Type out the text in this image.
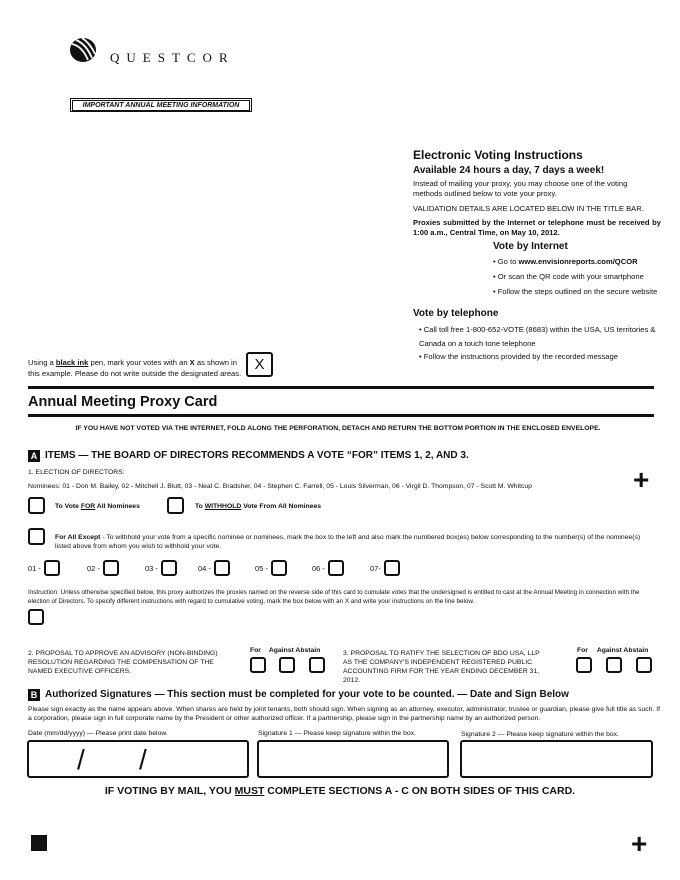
QUESTCOR
IMPORTANT ANNUAL MEETING INFORMATION
Electronic Voting Instructions
Available 24 hours a day, 7 days a week!
Instead of mailing your proxy, you may choose one of the voting methods outlined below to vote your proxy.
VALIDATION DETAILS ARE LOCATED BELOW IN THE TITLE BAR.
Proxies submitted by the Internet or telephone must be received by 1:00 a.m., Central Time, on May 10, 2012.
Vote by Internet
• Go to www.envisionreports.com/QCOR
• Or scan the QR code with your smartphone
• Follow the steps outlined on the secure website
Vote by telephone
• Call toll free 1-800-652-VOTE (8683) within the USA, US territories & Canada on a touch tone telephone
• Follow the instructions provided by the recorded message
Using a black ink pen, mark your votes with an X as shown in this example. Please do not write outside the designated areas.
X
Annual Meeting Proxy Card
IF YOU HAVE NOT VOTED VIA THE INTERNET, FOLD ALONG THE PERFORATION, DETACH AND RETURN THE BOTTOM PORTION IN THE ENCLOSED ENVELOPE.
A ITEMS — THE BOARD OF DIRECTORS RECOMMENDS A VOTE “FOR” ITEMS 1, 2, AND 3.
1. ELECTION OF DIRECTORS:
Nominees: 01 - Don M. Bailey, 02 - Mitchell J. Blutt, 03 - Neal C. Bradsher, 04 - Stephen C. Farrell, 05 - Louis Silverman, 06 - Virgil D. Thompson, 07 - Scott M. Whitcup	+
To Vote FOR All Nominees	To WITHHOLD Vote From All Nominees
For All Except - To withhold your vote from a specific nominee or nominees, mark the box to the left and also mark the numbered box(es) below corresponding to the number(s) of the nominee(s) listed above from whom you wish to withhold your vote.
01 -	02 -	03 -	04 -	05 -	06 -	07-
Instruction: Unless otherwise specified below, this proxy authorizes the proxies named on the reverse side of this card to cumulate votes that the undersigned is entitled to cast at the Annual Meeting in connection with the election of Directors. To specify different instructions with regard to cumulative voting, mark the box below with an X and write your instructions on the line below.
2. PROPOSAL TO APPROVE AN ADVISORY (NON-BINDING) RESOLUTION REGARDING THE COMPENSATION OF THE NAMED EXECUTIVE OFFICERS.
For Against Abstain	3. PROPOSAL TO RATIFY THE SELECTION OF BDO USA, LLP AS THE COMPANY'S INDEPENDENT REGISTERED PUBLIC ACCOUNTING FIRM FOR THE YEAR ENDING DECEMBER 31, 2012.
For Against Abstain
B Authorized Signatures — This section must be completed for your vote to be counted. — Date and Sign Below
Please sign exactly as the name appears above. When shares are held by joint tenants, both should sign. When signing as an attorney, executor, administrator, trustee or guardian, please give full title as such. If a corporation, please sign in full corporate name by the President or other authorized officer. If a partnership, please sign in the partnership name by an authorized person.
Date (mm/dd/yyyy) — Please print date below.	Signature 1 — Please keep signature within the box.	Signature 2 — Please keep signature within the box.
/ /
IF VOTING BY MAIL, YOU MUST COMPLETE SECTIONS A - C ON BOTH SIDES OF THIS CARD.
+
